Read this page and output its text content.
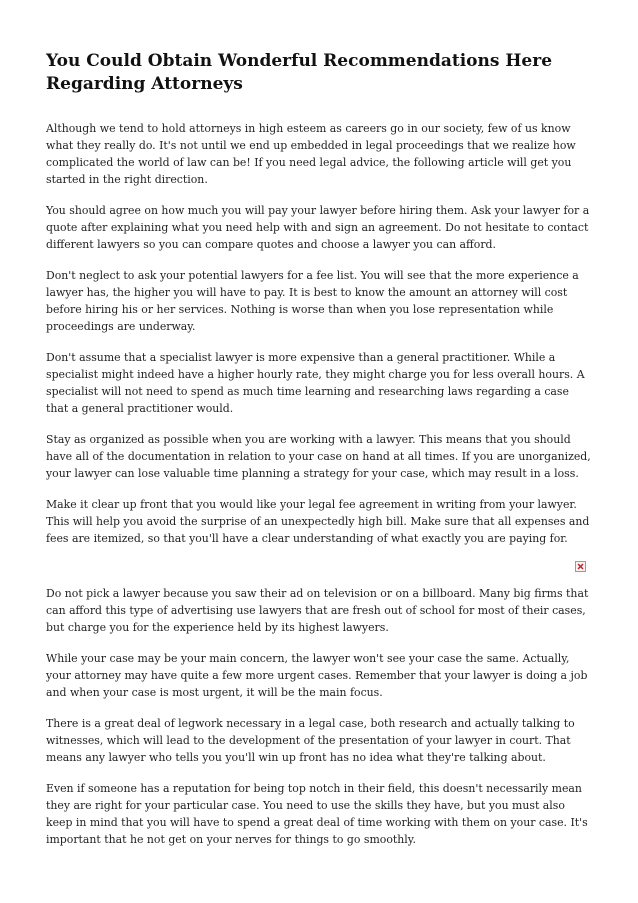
You Could Obtain Wonderful Recommendations Here Regarding Attorneys

Although we tend to hold attorneys in high esteem as careers go in our society, few of us know what they really do. It's not until we end up embedded in legal proceedings that we realize how complicated the world of law can be! If you need legal advice, the following article will get you started in the right direction.

You should agree on how much you will pay your lawyer before hiring them. Ask your lawyer for a quote after explaining what you need help with and sign an agreement. Do not hesitate to contact different lawyers so you can compare quotes and choose a lawyer you can afford.

Don't neglect to ask your potential lawyers for a fee list. You will see that the more experience a lawyer has, the higher you will have to pay. It is best to know the amount an attorney will cost before hiring his or her services. Nothing is worse than when you lose representation while proceedings are underway.

Don't assume that a specialist lawyer is more expensive than a general practitioner. While a specialist might indeed have a higher hourly rate, they might charge you for less overall hours. A specialist will not need to spend as much time learning and researching laws regarding a case that a general practitioner would.

Stay as organized as possible when you are working with a lawyer. This means that you should have all of the documentation in relation to your case on hand at all times. If you are unorganized, your lawyer can lose valuable time planning a strategy for your case, which may result in a loss.

Make it clear up front that you would like your legal fee agreement in writing from your lawyer. This will help you avoid the surprise of an unexpectedly high bill. Make sure that all expenses and fees are itemized, so that you'll have a clear understanding of what exactly you are paying for.

Do not pick a lawyer because you saw their ad on television or on a billboard. Many big firms that can afford this type of advertising use lawyers that are fresh out of school for most of their cases, but charge you for the experience held by its highest lawyers.

While your case may be your main concern, the lawyer won't see your case the same. Actually, your attorney may have quite a few more urgent cases. Remember that your lawyer is doing a job and when your case is most urgent, it will be the main focus.

There is a great deal of legwork necessary in a legal case, both research and actually talking to witnesses, which will lead to the development of the presentation of your lawyer in court. That means any lawyer who tells you you'll win up front has no idea what they're talking about.

Even if someone has a reputation for being top notch in their field, this doesn't necessarily mean they are right for your particular case. You need to use the skills they have, but you must also keep in mind that you will have to spend a great deal of time working with them on your case. It's important that he not get on your nerves for things to go smoothly.
